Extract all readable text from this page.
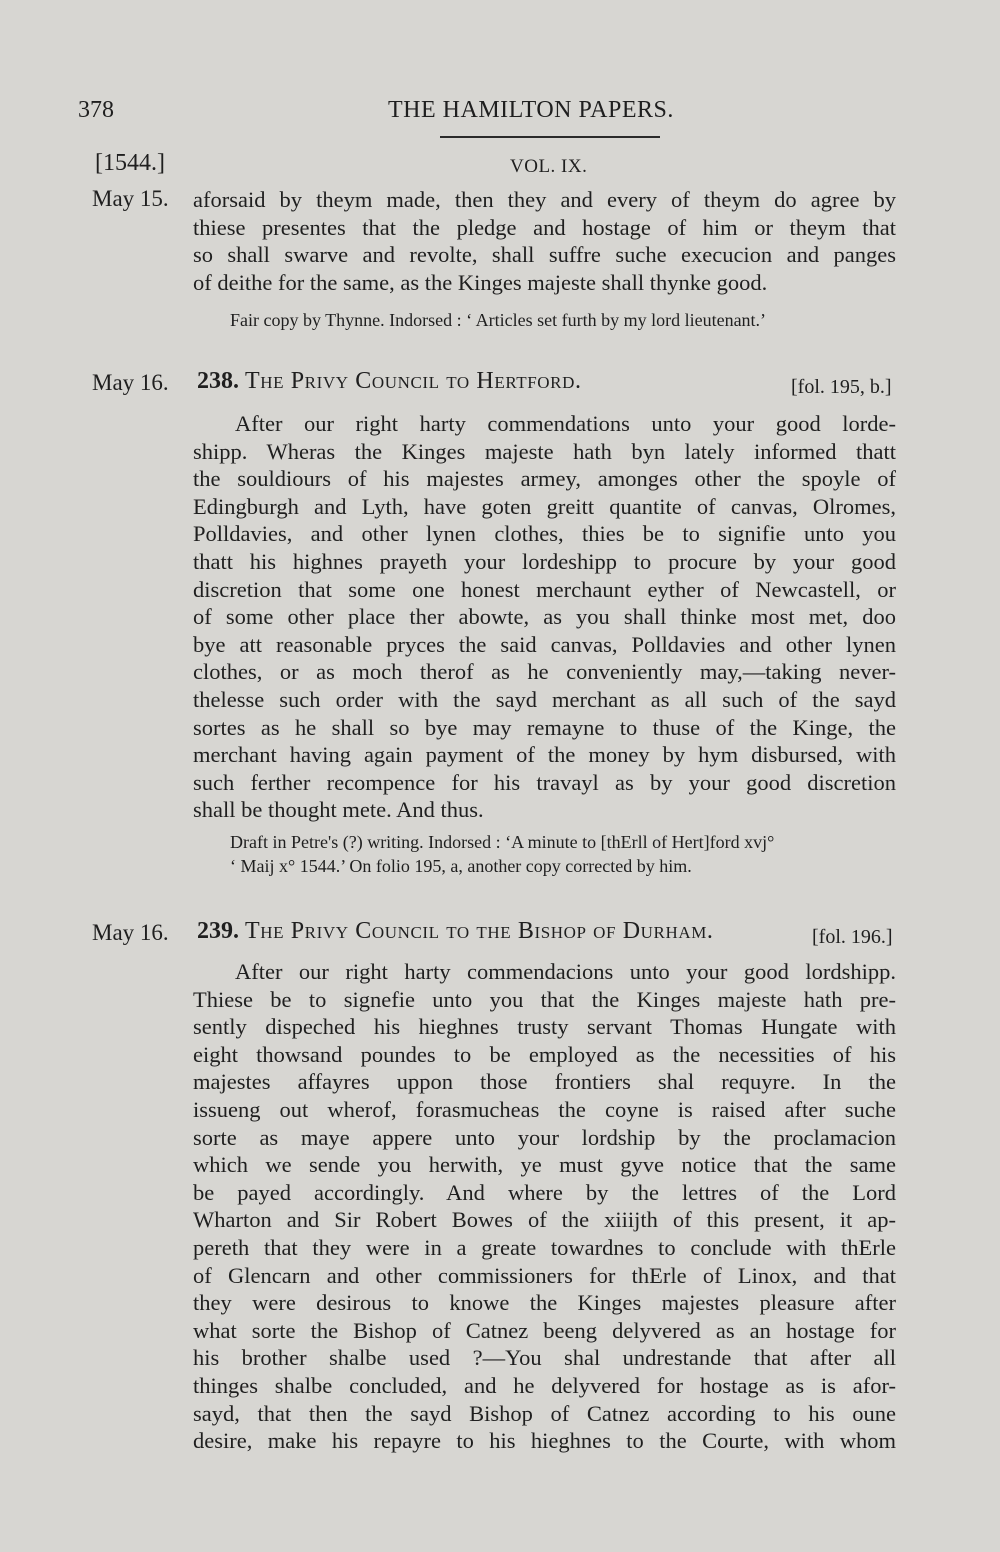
378	THE HAMILTON PAPERS.
[1544.]	VOL. IX.
May 15. aforsaid by theym made, then they and every of theym do agree by
thiese presentes that the pledge and hostage of him or theym that
so shall swarve and revolte, shall suffre suche execucion and panges
of deithe for the same, as the Kinges majeste shall thynke good.
Fair copy by Thynne. Indorsed : ‘ Articles set furth by my lord lieutenant.’
May 16. 238. The Privy Council to Hertford.	[fol. 195, b.]
After our right harty commendations unto your good lorde-
shipp. Wheras the Kinges majeste hath byn lately informed thatt
the souldiours of his majestes armey, amonges other the spoyle of
Edingburgh and Lyth, have goten greitt quantite of canvas, Olromes,
Polldavies, and other lynen clothes, thies be to signifie unto you
thatt his highnes prayeth your lordeshipp to procure by your good
discretion that some one honest merchaunt eyther of Newcastell, or
of some other place ther abowte, as you shall thinke most met, doo
bye att reasonable pryces the said canvas, Polldavies and other lynen
clothes, or as moch therof as he conveniently may,—taking never-
thelesse such order with the sayd merchant as all such of the sayd
sortes as he shall so bye may remayne to thuse of the Kinge, the
merchant having again payment of the money by hym disbursed, with
such ferther recompence for his travayl as by your good discretion
shall be thought mete. And thus.
Draft in Petre's (?) writing. Indorsed : ‘A minute to [thErll of Hert]ford xvj°
‘ Maij x° 1544.’ On folio 195, a, another copy corrected by him.
May 16. 239. The Privy Council to the Bishop of Durham.	[fol. 196.]
After our right harty commendacions unto your good lordshipp.
Thiese be to signefie unto you that the Kinges majeste hath pre-
sently dispeched his hieghnes trusty servant Thomas Hungate with
eight thowsand poundes to be employed as the necessities of his
majestes affayres uppon those frontiers shal requyre. In the
issueng out wherof, forasmucheas the coyne is raised after suche
sorte as maye appere unto your lordship by the proclamacion
which we sende you herwith, ye must gyve notice that the same
be payed accordingly. And where by the lettres of the Lord
Wharton and Sir Robert Bowes of the xiiijth of this present, it ap-
pereth that they were in a greate towardnes to conclude with thErle
of Glencarn and other commissioners for thErle of Linox, and that
they were desirous to knowe the Kinges majestes pleasure after
what sorte the Bishop of Catnez beeng delyvered as an hostage for
his brother shalbe used ?—You shal undrestande that after all
thinges shalbe concluded, and he delyvered for hostage as is afor-
sayd, that then the sayd Bishop of Catnez according to his oune
desire, make his repayre to his hieghnes to the Courte, with whom
